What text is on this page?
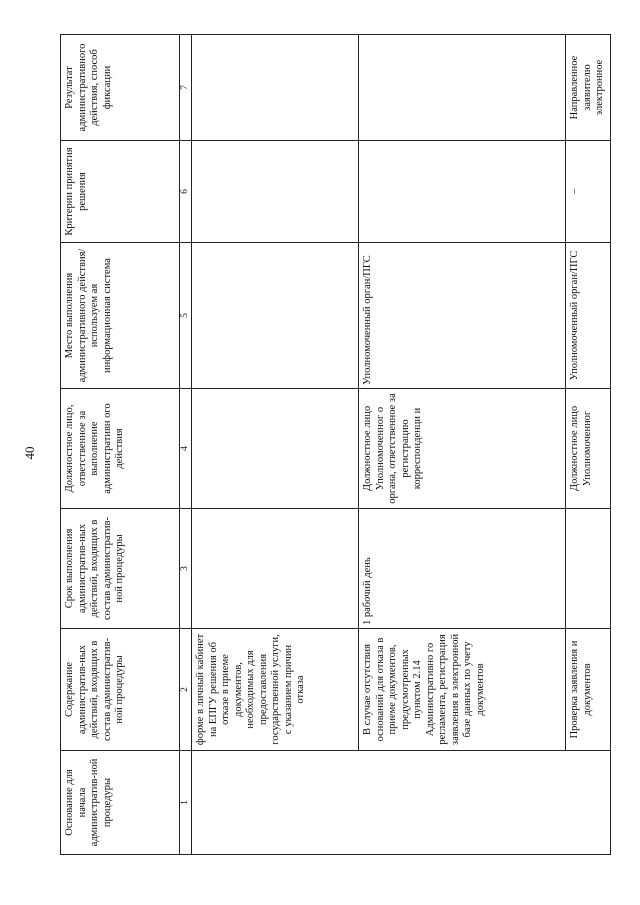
40
Основание для начала административ-ной процедуры	Содержание административ-ных действий, входящих в состав административ-ной процедуры	Срок выполнения административ-ных действий, входящих в состав административ-ной процедуры	Должностное лицо, ответственное за выполнение административн ого действия	Место выполнения административного действия/используем ая информационная система	Критерии принятия решения	Результат административного действия, способ фиксации
1	2	3	4	5	6	7
	форме в личный кабинет на ЕПГУ решения об отказе в приеме документов, необходимых для предоставления государственной услуги, с указанием причин отказа					
	В случае отсутствия оснований для отказа в приеме документов, предусмотренных пунктом 2.14 Административно го регламента, регистрация заявления в электронной базе данных по учету документов	1 рабочий день	Должностное лицо Уполномоченног о органа, ответственное за регистрацию корреспонденци и	Уполномоченный орган/ПГС		
	Проверка заявления и документов		Должностное лицо Уполномоченног	Уполномоченный орган/ПГС	–	Направленное заявителю электронное
